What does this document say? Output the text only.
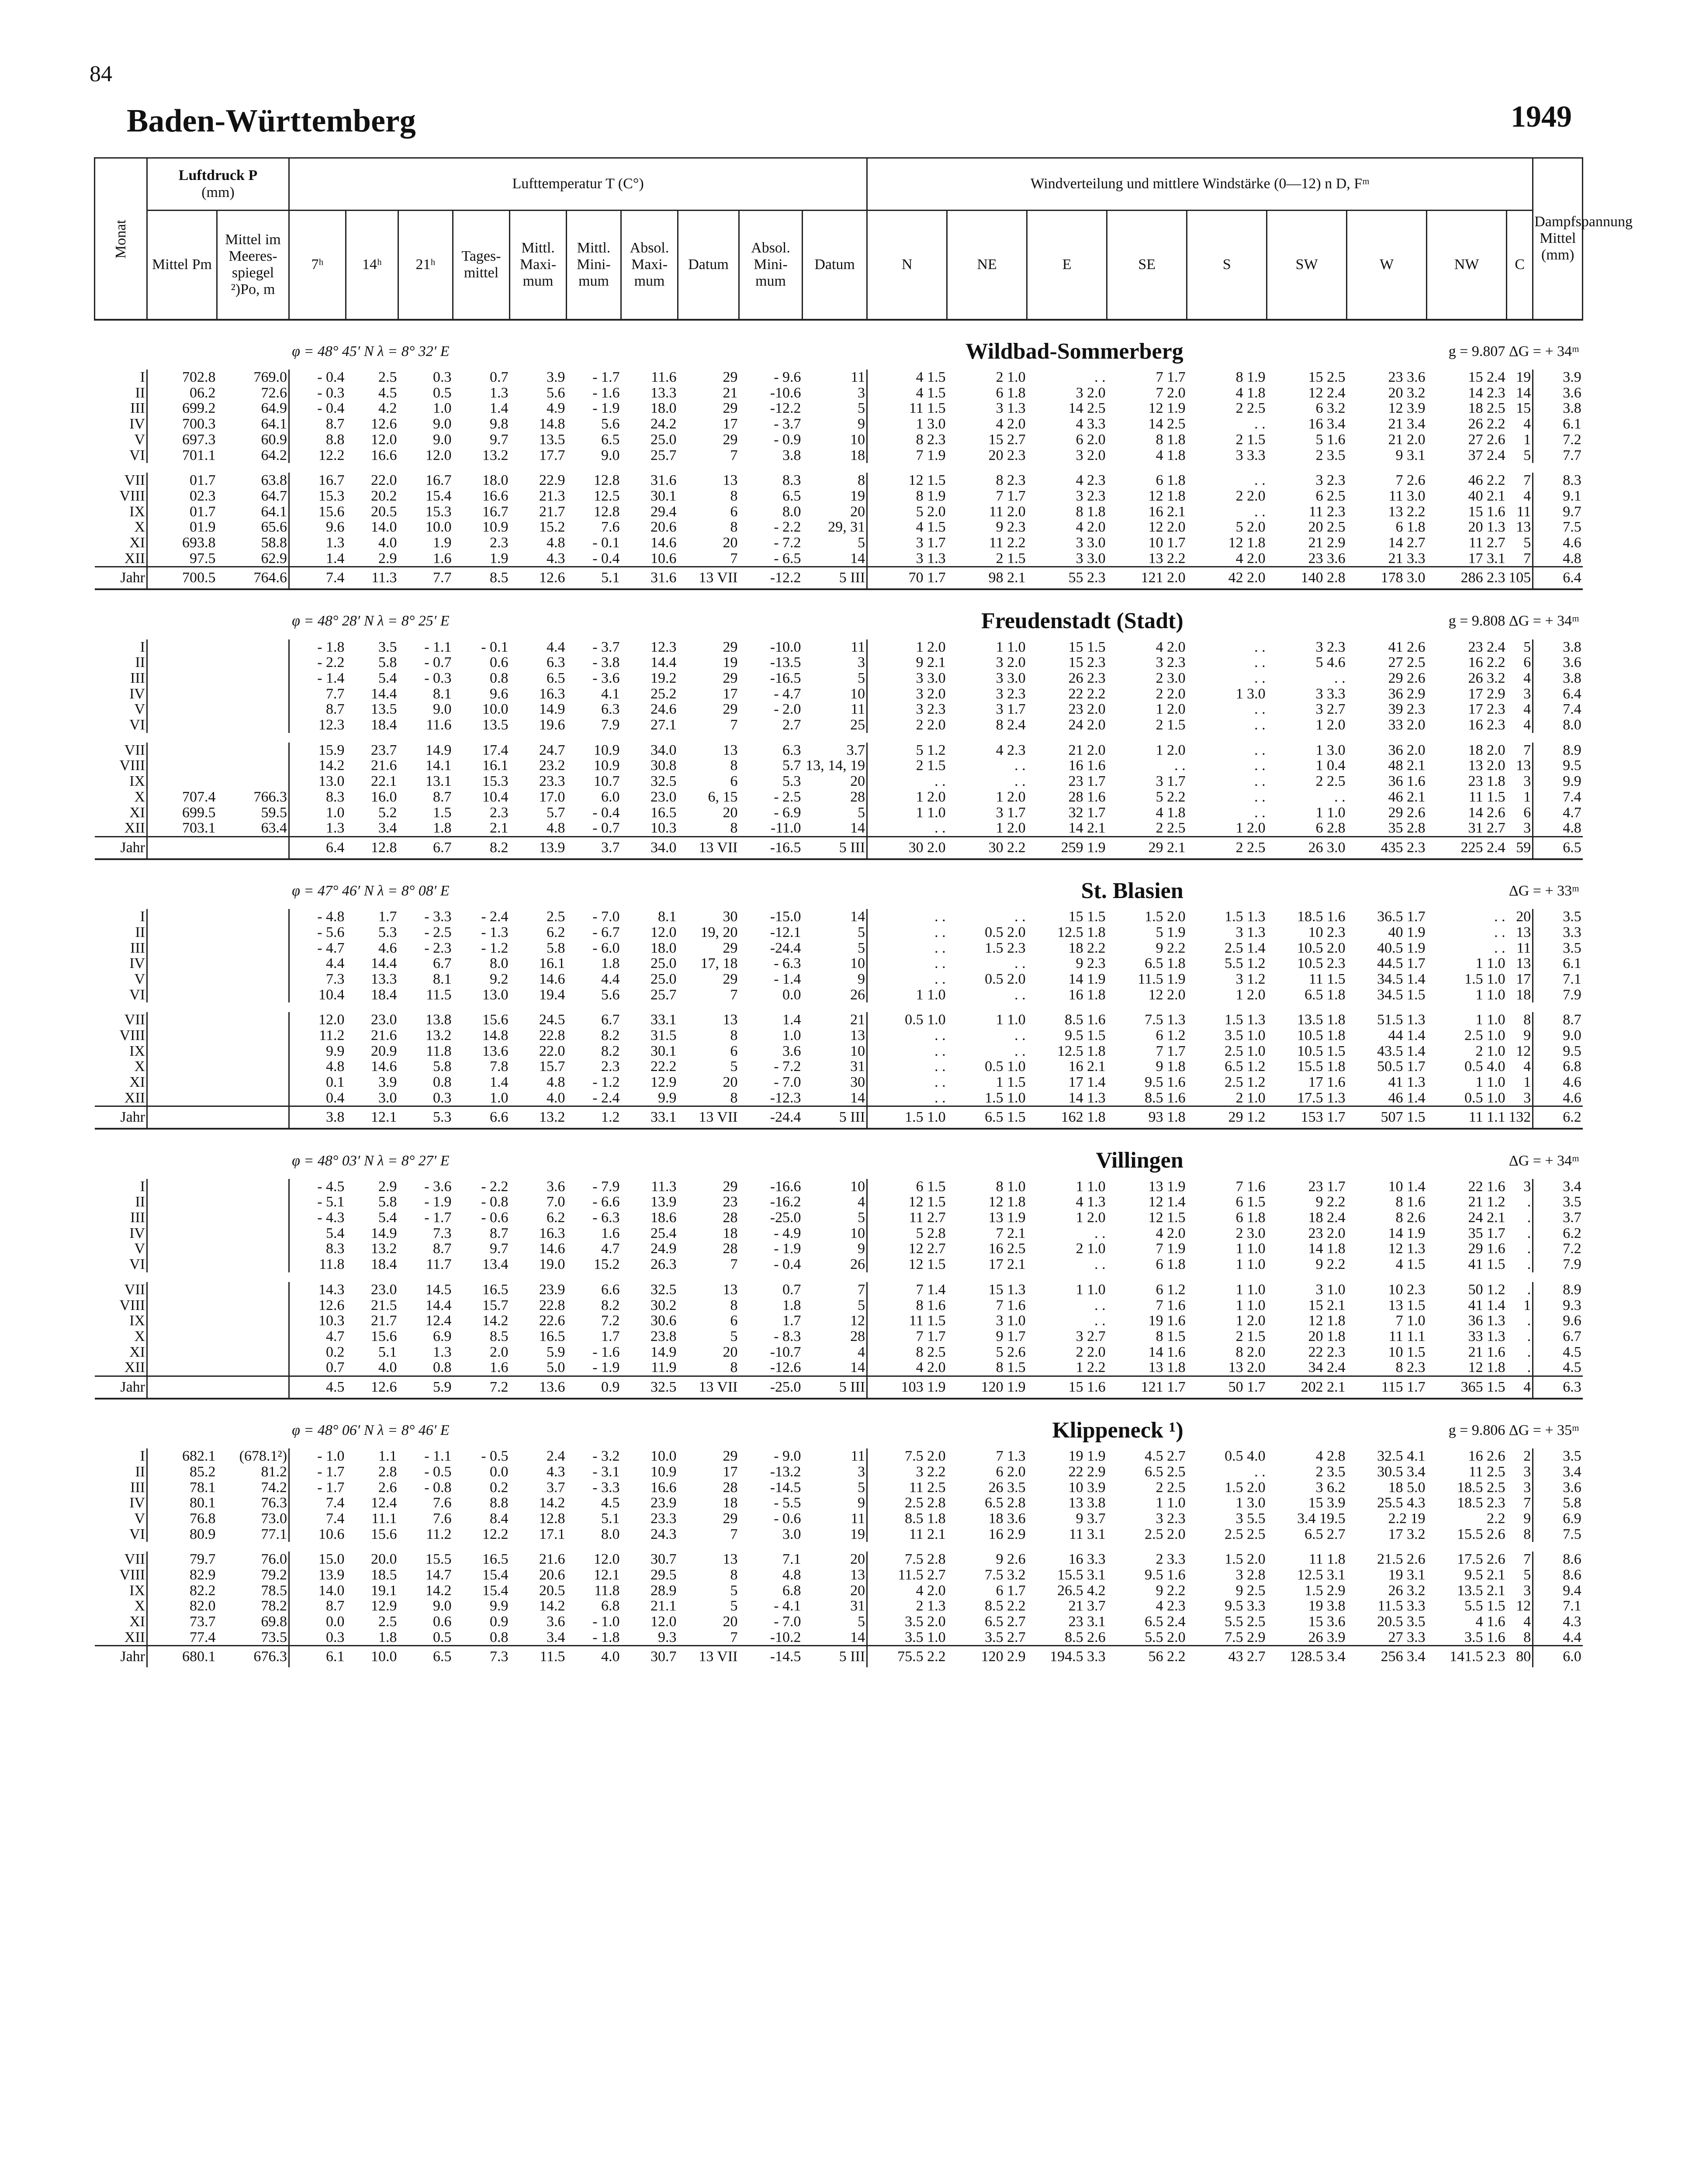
84
Baden-Württemberg	1949
Monat	Luftdruck P
(mm)		Lufttemperatur T (C°)										Windverteilung und mittlere Windstärke (0—12) n D, Fᵐ									Dampfspannung
Mittel (mm)
	Mittel Pm	Mittel im Meeres-spiegel ²)Po, m	7ʰ	14ʰ	21ʰ	Tages-mittel	Mittl. Maxi-mum	Mittl. Mini-mum	Absol. Maxi-mum	Datum	Absol. Mini-mum	Datum	N	NE	E	SE	S	SW	W	NW	C	
φ = 48° 45′ N λ = 8° 32′ E						Wildbad-Sommerberg											g = 9.807 ΔG = + 34ᵐ					
I	702.8	769.0	- 0.4	2.5	0.3	0.7	3.9	- 1.7	11.6	29	- 9.6	11	4 1.5	2 1.0	. .	7 1.7	8 1.9	15 2.5	23 3.6	15 2.4	19	3.9
II	06.2	72.6	- 0.3	4.5	0.5	1.3	5.6	- 1.6	13.3	21	-10.6	3	4 1.5	6 1.8	3 2.0	7 2.0	4 1.8	12 2.4	20 3.2	14 2.3	14	3.6
III	699.2	64.9	- 0.4	4.2	1.0	1.4	4.9	- 1.9	18.0	29	-12.2	5	11 1.5	3 1.3	14 2.5	12 1.9	2 2.5	6 3.2	12 3.9	18 2.5	15	3.8
IV	700.3	64.1	8.7	12.6	9.0	9.8	14.8	5.6	24.2	17	- 3.7	9	1 3.0	4 2.0	4 3.3	14 2.5	. .	16 3.4	21 3.4	26 2.2	4	6.1
V	697.3	60.9	8.8	12.0	9.0	9.7	13.5	6.5	25.0	29	- 0.9	10	8 2.3	15 2.7	6 2.0	8 1.8	2 1.5	5 1.6	21 2.0	27 2.6	1	7.2
VI	701.1	64.2	12.2	16.6	12.0	13.2	17.7	9.0	25.7	7	3.8	18	7 1.9	20 2.3	3 2.0	4 1.8	3 3.3	2 3.5	9 3.1	37 2.4	5	7.7

VII	01.7	63.8	16.7	22.0	16.7	18.0	22.9	12.8	31.6	13	8.3	8	12 1.5	8 2.3	4 2.3	6 1.8	. .	3 2.3	7 2.6	46 2.2	7	8.3
VIII	02.3	64.7	15.3	20.2	15.4	16.6	21.3	12.5	30.1	8	6.5	19	8 1.9	7 1.7	3 2.3	12 1.8	2 2.0	6 2.5	11 3.0	40 2.1	4	9.1
IX	01.7	64.1	15.6	20.5	15.3	16.7	21.7	12.8	29.4	6	8.0	20	5 2.0	11 2.0	8 1.8	16 2.1	. .	11 2.3	13 2.2	15 1.6	11	9.7
X	01.9	65.6	9.6	14.0	10.0	10.9	15.2	7.6	20.6	8	- 2.2	29, 31	4 1.5	9 2.3	4 2.0	12 2.0	5 2.0	20 2.5	6 1.8	20 1.3	13	7.5
XI	693.8	58.8	1.3	4.0	1.9	2.3	4.8	- 0.1	14.6	20	- 7.2	5	3 1.7	11 2.2	3 3.0	10 1.7	12 1.8	21 2.9	14 2.7	11 2.7	5	4.6
XII	97.5	62.9	1.4	2.9	1.6	1.9	4.3	- 0.4	10.6	7	- 6.5	14	3 1.3	2 1.5	3 3.0	13 2.2	4 2.0	23 3.6	21 3.3	17 3.1	7	4.8
Jahr	700.5	764.6	7.4	11.3	7.7	8.5	12.6	5.1	31.6	13 VII	-12.2	5 III	70 1.7	98 2.1	55 2.3	121 2.0	42 2.0	140 2.8	178 3.0	286 2.3	105	6.4
φ = 48° 28′ N λ = 8° 25′ E						Freudenstadt (Stadt)											g = 9.808 ΔG = + 34ᵐ					
I			- 1.8	3.5	- 1.1	- 0.1	4.4	- 3.7	12.3	29	-10.0	11	1 2.0	1 1.0	15 1.5	4 2.0	. .	3 2.3	41 2.6	23 2.4	5	3.8
II			- 2.2	5.8	- 0.7	0.6	6.3	- 3.8	14.4	19	-13.5	3	9 2.1	3 2.0	15 2.3	3 2.3	. .	5 4.6	27 2.5	16 2.2	6	3.6
III			- 1.4	5.4	- 0.3	0.8	6.5	- 3.6	19.2	29	-16.5	5	3 3.0	3 3.0	26 2.3	2 3.0	. .	. .	29 2.6	26 3.2	4	3.8
IV			7.7	14.4	8.1	9.6	16.3	4.1	25.2	17	- 4.7	10	3 2.0	3 2.3	22 2.2	2 2.0	1 3.0	3 3.3	36 2.9	17 2.9	3	6.4
V			8.7	13.5	9.0	10.0	14.9	6.3	24.6	29	- 2.0	11	3 2.3	3 1.7	23 2.0	1 2.0	. .	3 2.7	39 2.3	17 2.3	4	7.4
VI			12.3	18.4	11.6	13.5	19.6	7.9	27.1	7	2.7	25	2 2.0	8 2.4	24 2.0	2 1.5	. .	1 2.0	33 2.0	16 2.3	4	8.0

VII			15.9	23.7	14.9	17.4	24.7	10.9	34.0	13	6.3	3.7	5 1.2	4 2.3	21 2.0	1 2.0	. .	1 3.0	36 2.0	18 2.0	7	8.9
VIII			14.2	21.6	14.1	16.1	23.2	10.9	30.8	8	5.7	13, 14, 19	2 1.5	. .	16 1.6	. .	. .	1 0.4	48 2.1	13 2.0	13	9.5
IX			13.0	22.1	13.1	15.3	23.3	10.7	32.5	6	5.3	20	. .	. .	23 1.7	3 1.7	. .	2 2.5	36 1.6	23 1.8	3	9.9
X	707.4	766.3	8.3	16.0	8.7	10.4	17.0	6.0	23.0	6, 15	- 2.5	28	1 2.0	1 2.0	28 1.6	5 2.2	. .	. .	46 2.1	11 1.5	1	7.4
XI	699.5	59.5	1.0	5.2	1.5	2.3	5.7	- 0.4	16.5	20	- 6.9	5	1 1.0	3 1.7	32 1.7	4 1.8	. .	1 1.0	29 2.6	14 2.6	6	4.7
XII	703.1	63.4	1.3	3.4	1.8	2.1	4.8	- 0.7	10.3	8	-11.0	14	. .	1 2.0	14 2.1	2 2.5	1 2.0	6 2.8	35 2.8	31 2.7	3	4.8
Jahr			6.4	12.8	6.7	8.2	13.9	3.7	34.0	13 VII	-16.5	5 III	30 2.0	30 2.2	259 1.9	29 2.1	2 2.5	26 3.0	435 2.3	225 2.4	59	6.5
φ = 47° 46′ N λ = 8° 08′ E						St. Blasien											ΔG = + 33ᵐ					
I			- 4.8	1.7	- 3.3	- 2.4	2.5	- 7.0	8.1	30	-15.0	14	. .	. .	15 1.5	1.5 2.0	1.5 1.3	18.5 1.6	36.5 1.7	. .	20	3.5
II			- 5.6	5.3	- 2.5	- 1.3	6.2	- 6.7	12.0	19, 20	-12.1	5	. .	0.5 2.0	12.5 1.8	5 1.9	3 1.3	10 2.3	40 1.9	. .	13	3.3
III			- 4.7	4.6	- 2.3	- 1.2	5.8	- 6.0	18.0	29	-24.4	5	. .	1.5 2.3	18 2.2	9 2.2	2.5 1.4	10.5 2.0	40.5 1.9	. .	11	3.5
IV			4.4	14.4	6.7	8.0	16.1	1.8	25.0	17, 18	- 6.3	10	. .	. .	9 2.3	6.5 1.8	5.5 1.2	10.5 2.3	44.5 1.7	1 1.0	13	6.1
V			7.3	13.3	8.1	9.2	14.6	4.4	25.0	29	- 1.4	9	. .	0.5 2.0	14 1.9	11.5 1.9	3 1.2	11 1.5	34.5 1.4	1.5 1.0	17	7.1
VI			10.4	18.4	11.5	13.0	19.4	5.6	25.7	7	0.0	26	1 1.0	. .	16 1.8	12 2.0	1 2.0	6.5 1.8	34.5 1.5	1 1.0	18	7.9

VII			12.0	23.0	13.8	15.6	24.5	6.7	33.1	13	1.4	21	0.5 1.0	1 1.0	8.5 1.6	7.5 1.3	1.5 1.3	13.5 1.8	51.5 1.3	1 1.0	8	8.7
VIII			11.2	21.6	13.2	14.8	22.8	8.2	31.5	8	1.0	13	. .	. .	9.5 1.5	6 1.2	3.5 1.0	10.5 1.8	44 1.4	2.5 1.0	9	9.0
IX			9.9	20.9	11.8	13.6	22.0	8.2	30.1	6	3.6	10	. .	. .	12.5 1.8	7 1.7	2.5 1.0	10.5 1.5	43.5 1.4	2 1.0	12	9.5
X			4.8	14.6	5.8	7.8	15.7	2.3	22.2	5	- 7.2	31	. .	0.5 1.0	16 2.1	9 1.8	6.5 1.2	15.5 1.8	50.5 1.7	0.5 4.0	4	6.8
XI			0.1	3.9	0.8	1.4	4.8	- 1.2	12.9	20	- 7.0	30	. .	1 1.5	17 1.4	9.5 1.6	2.5 1.2	17 1.6	41 1.3	1 1.0	1	4.6
XII			0.4	3.0	0.3	1.0	4.0	- 2.4	9.9	8	-12.3	14	. .	1.5 1.0	14 1.3	8.5 1.6	2 1.0	17.5 1.3	46 1.4	0.5 1.0	3	4.6
Jahr			3.8	12.1	5.3	6.6	13.2	1.2	33.1	13 VII	-24.4	5 III	1.5 1.0	6.5 1.5	162 1.8	93 1.8	29 1.2	153 1.7	507 1.5	11 1.1	132	6.2
φ = 48° 03′ N λ = 8° 27′ E						Villingen											ΔG = + 34ᵐ					
I			- 4.5	2.9	- 3.6	- 2.2	3.6	- 7.9	11.3	29	-16.6	10	6 1.5	8 1.0	1 1.0	13 1.9	7 1.6	23 1.7	10 1.4	22 1.6	3	3.4
II			- 5.1	5.8	- 1.9	- 0.8	7.0	- 6.6	13.9	23	-16.2	4	12 1.5	12 1.8	4 1.3	12 1.4	6 1.5	9 2.2	8 1.6	21 1.2	.	3.5
III			- 4.3	5.4	- 1.7	- 0.6	6.2	- 6.3	18.6	28	-25.0	5	11 2.7	13 1.9	1 2.0	12 1.5	6 1.8	18 2.4	8 2.6	24 2.1	.	3.7
IV			5.4	14.9	7.3	8.7	16.3	1.6	25.4	18	- 4.9	10	5 2.8	7 2.1	. .	4 2.0	2 3.0	23 2.0	14 1.9	35 1.7	.	6.2
V			8.3	13.2	8.7	9.7	14.6	4.7	24.9	28	- 1.9	9	12 2.7	16 2.5	2 1.0	7 1.9	1 1.0	14 1.8	12 1.3	29 1.6	.	7.2
VI			11.8	18.4	11.7	13.4	19.0	15.2	26.3	7	- 0.4	26	12 1.5	17 2.1	. .	6 1.8	1 1.0	9 2.2	4 1.5	41 1.5	.	7.9

VII			14.3	23.0	14.5	16.5	23.9	6.6	32.5	13	0.7	7	7 1.4	15 1.3	1 1.0	6 1.2	1 1.0	3 1.0	10 2.3	50 1.2	.	8.9
VIII			12.6	21.5	14.4	15.7	22.8	8.2	30.2	8	1.8	5	8 1.6	7 1.6	. .	7 1.6	1 1.0	15 2.1	13 1.5	41 1.4	1	9.3
IX			10.3	21.7	12.4	14.2	22.6	7.2	30.6	6	1.7	12	11 1.5	3 1.0	. .	19 1.6	1 2.0	12 1.8	7 1.0	36 1.3	.	9.6
X			4.7	15.6	6.9	8.5	16.5	1.7	23.8	5	- 8.3	28	7 1.7	9 1.7	3 2.7	8 1.5	2 1.5	20 1.8	11 1.1	33 1.3	.	6.7
XI			0.2	5.1	1.3	2.0	5.9	- 1.6	14.9	20	-10.7	4	8 2.5	5 2.6	2 2.0	14 1.6	8 2.0	22 2.3	10 1.5	21 1.6	.	4.5
XII			0.7	4.0	0.8	1.6	5.0	- 1.9	11.9	8	-12.6	14	4 2.0	8 1.5	1 2.2	13 1.8	13 2.0	34 2.4	8 2.3	12 1.8	.	4.5
Jahr			4.5	12.6	5.9	7.2	13.6	0.9	32.5	13 VII	-25.0	5 III	103 1.9	120 1.9	15 1.6	121 1.7	50 1.7	202 2.1	115 1.7	365 1.5	4	6.3
φ = 48° 06′ N λ = 8° 46′ E						Klippeneck ¹)											g = 9.806 ΔG = + 35ᵐ					
I	682.1	(678.1²)	- 1.0	1.1	- 1.1	- 0.5	2.4	- 3.2	10.0	29	- 9.0	11	7.5 2.0	7 1.3	19 1.9	4.5 2.7	0.5 4.0	4 2.8	32.5 4.1	16 2.6	2	3.5
II	85.2	81.2	- 1.7	2.8	- 0.5	0.0	4.3	- 3.1	10.9	17	-13.2	3	3 2.2	6 2.0	22 2.9	6.5 2.5	. .	2 3.5	30.5 3.4	11 2.5	3	3.4
III	78.1	74.2	- 1.7	2.6	- 0.8	0.2	3.7	- 3.3	16.6	28	-14.5	5	11 2.5	26 3.5	10 3.9	2 2.5	1.5 2.0	3 6.2	18 5.0	18.5 2.5	3	3.6
IV	80.1	76.3	7.4	12.4	7.6	8.8	14.2	4.5	23.9	18	- 5.5	9	2.5 2.8	6.5 2.8	13 3.8	1 1.0	1 3.0	15 3.9	25.5 4.3	18.5 2.3	7	5.8
V	76.8	73.0	7.4	11.1	7.6	8.4	12.8	5.1	23.3	29	- 0.6	11	8.5 1.8	18 3.6	9 3.7	3 2.3	3 5.5	3.4 19.5	2.2 19	2.2	9	6.9
VI	80.9	77.1	10.6	15.6	11.2	12.2	17.1	8.0	24.3	7	3.0	19	11 2.1	16 2.9	11 3.1	2.5 2.0	2.5 2.5	6.5 2.7	17 3.2	15.5 2.6	8	7.5

VII	79.7	76.0	15.0	20.0	15.5	16.5	21.6	12.0	30.7	13	7.1	20	7.5 2.8	9 2.6	16 3.3	2 3.3	1.5 2.0	11 1.8	21.5 2.6	17.5 2.6	7	8.6
VIII	82.9	79.2	13.9	18.5	14.7	15.4	20.6	12.1	29.5	8	4.8	13	11.5 2.7	7.5 3.2	15.5 3.1	9.5 1.6	3 2.8	12.5 3.1	19 3.1	9.5 2.1	5	8.6
IX	82.2	78.5	14.0	19.1	14.2	15.4	20.5	11.8	28.9	5	6.8	20	4 2.0	6 1.7	26.5 4.2	9 2.2	9 2.5	1.5 2.9	26 3.2	13.5 2.1	3	9.4
X	82.0	78.2	8.7	12.9	9.0	9.9	14.2	6.8	21.1	5	- 4.1	31	2 1.3	8.5 2.2	21 3.7	4 2.3	9.5 3.3	19 3.8	11.5 3.3	5.5 1.5	12	7.1
XI	73.7	69.8	0.0	2.5	0.6	0.9	3.6	- 1.0	12.0	20	- 7.0	5	3.5 2.0	6.5 2.7	23 3.1	6.5 2.4	5.5 2.5	15 3.6	20.5 3.5	4 1.6	4	4.3
XII	77.4	73.5	0.3	1.8	0.5	0.8	3.4	- 1.8	9.3	7	-10.2	14	3.5 1.0	3.5 2.7	8.5 2.6	5.5 2.0	7.5 2.9	26 3.9	27 3.3	3.5 1.6	8	4.4
Jahr	680.1	676.3	6.1	10.0	6.5	7.3	11.5	4.0	30.7	13 VII	-14.5	5 III	75.5 2.2	120 2.9	194.5 3.3	56 2.2	43 2.7	128.5 3.4	256 3.4	141.5 2.3	80	6.0
